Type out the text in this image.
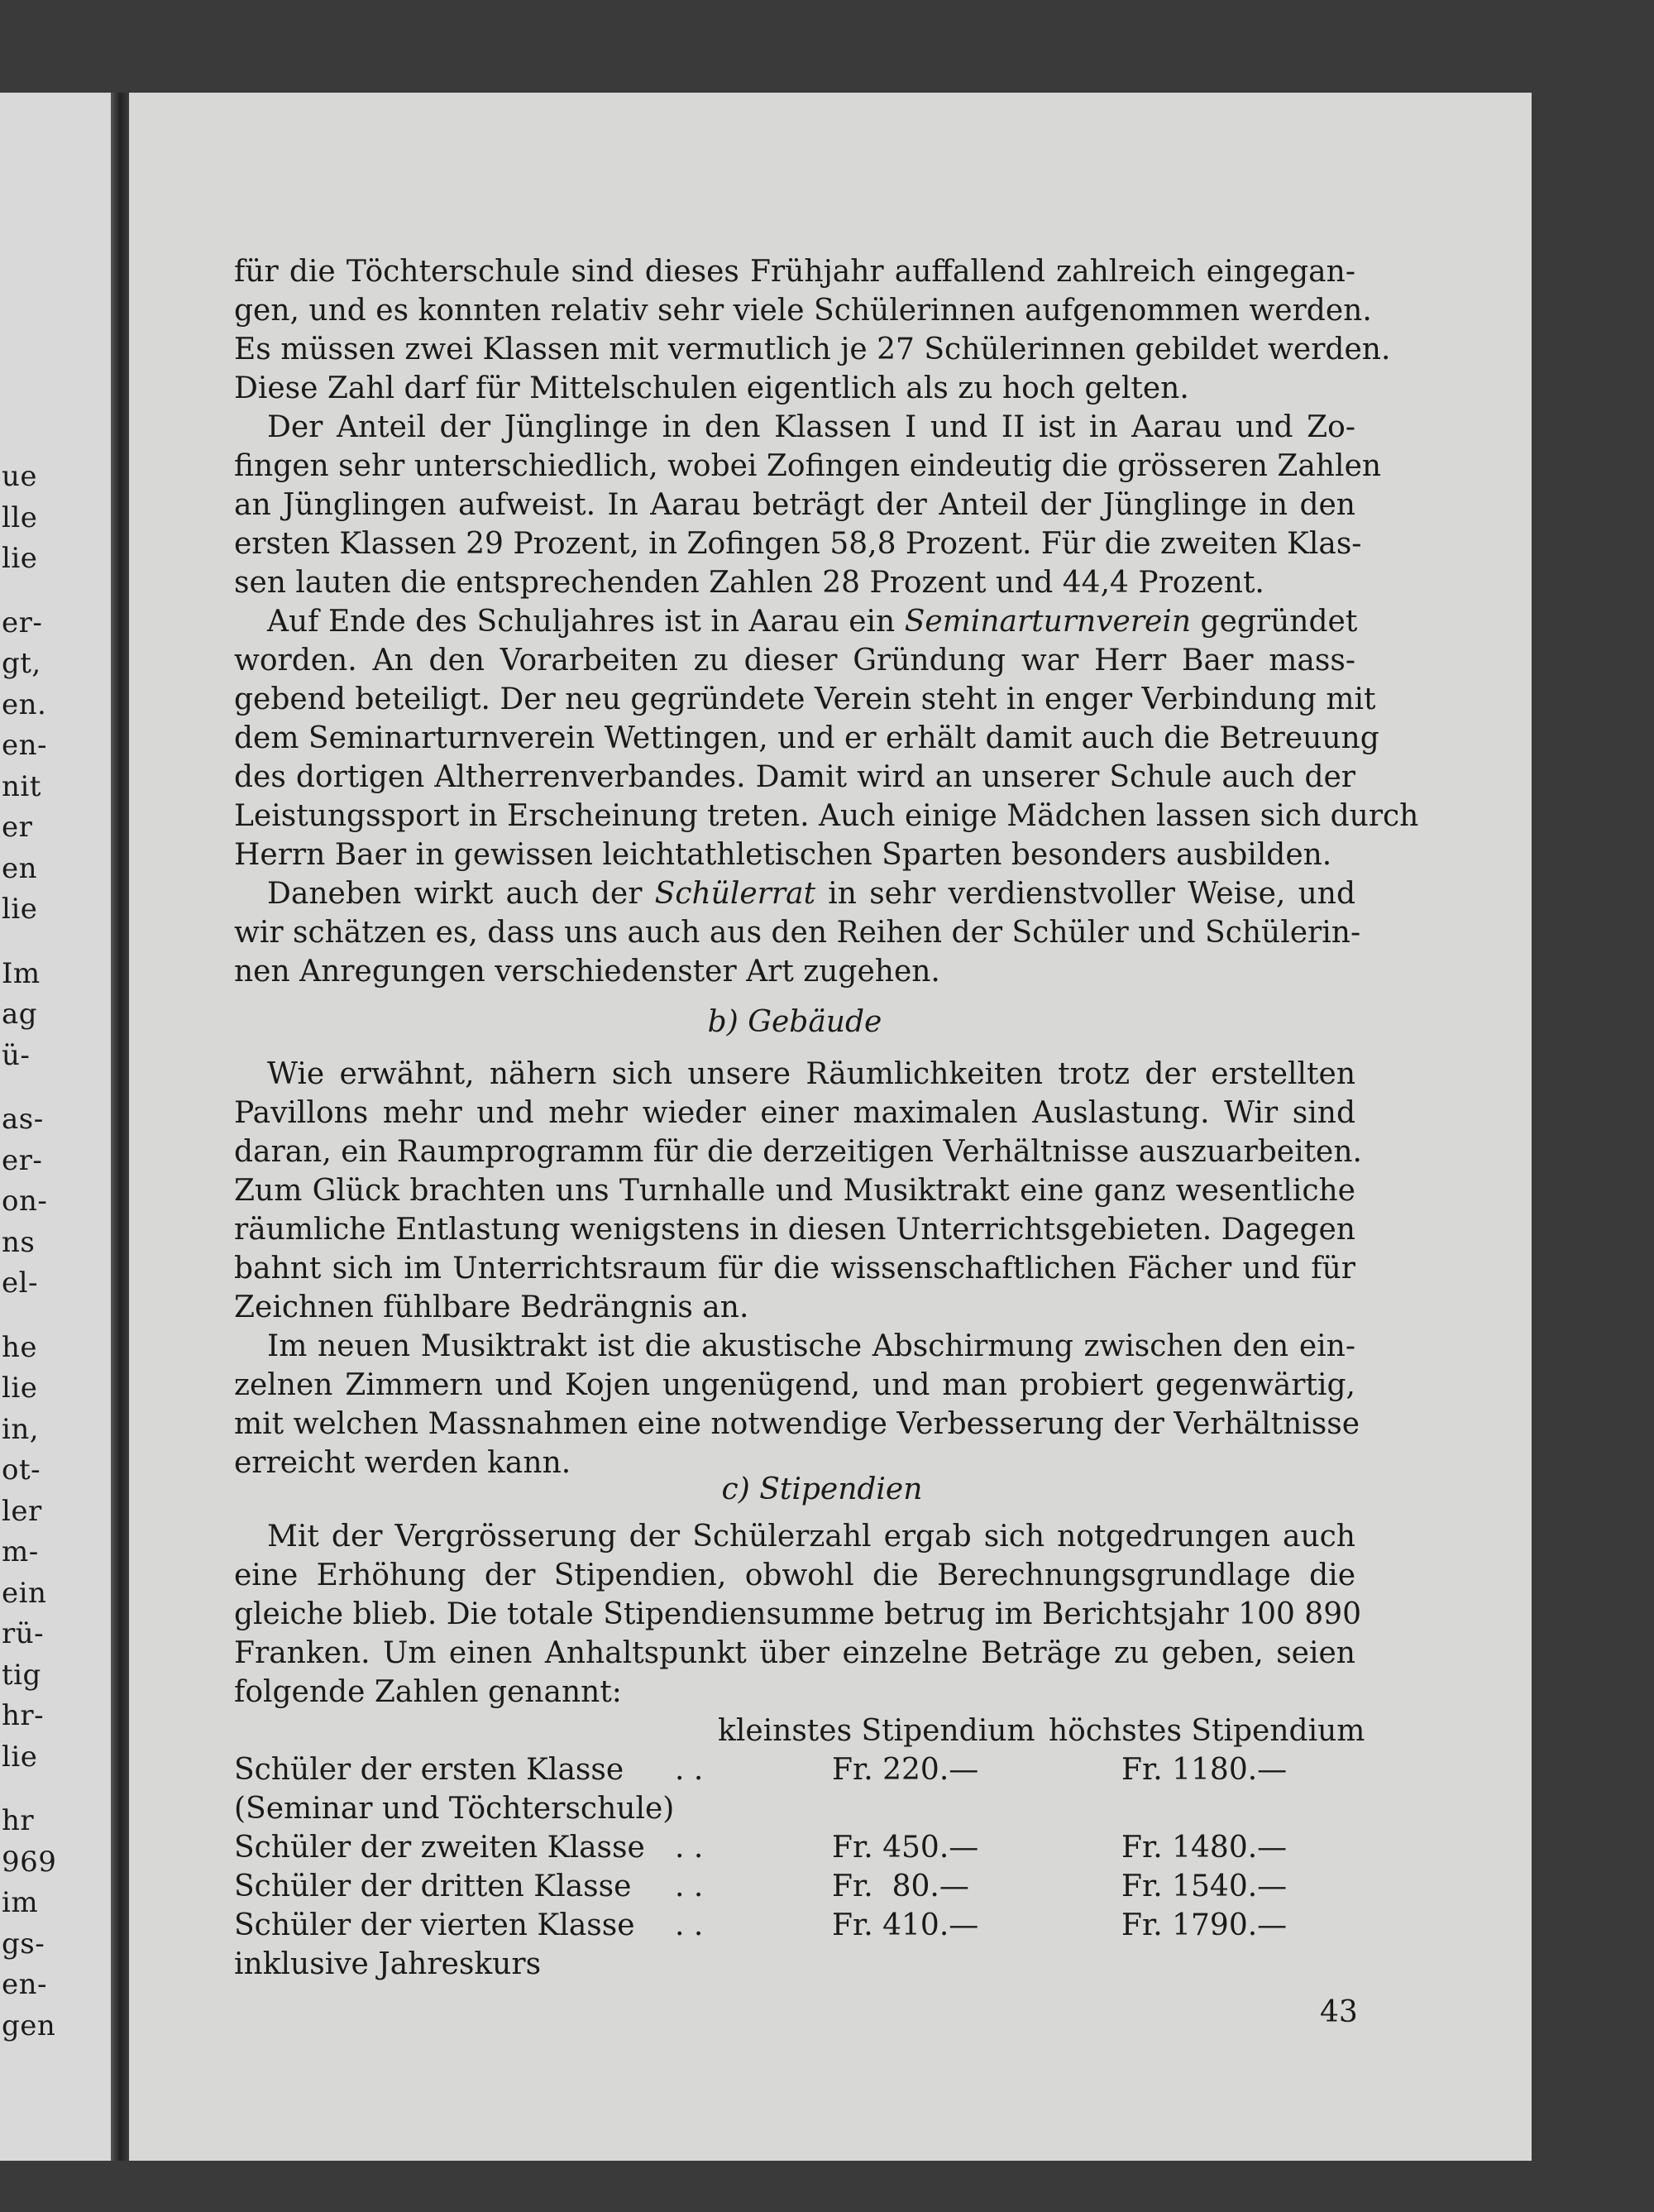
ue
lle
lie
er-
gt,
en.
en-
nit
er
en
lie
Im
ag
ü-
as-
er-
on-
ns
el-
he
lie
in,
ot-
ler
m-
ein
rü-
tig
hr-
lie
hr
969
im
gs-
en-
gen
für die Töchterschule sind dieses Frühjahr auffallend zahlreich eingegan-
gen, und es konnten relativ sehr viele Schülerinnen aufgenommen werden.
Es müssen zwei Klassen mit vermutlich je 27 Schülerinnen gebildet werden.
Diese Zahl darf für Mittelschulen eigentlich als zu hoch gelten.
Der Anteil der Jünglinge in den Klassen I und II ist in Aarau und Zo-
fingen sehr unterschiedlich, wobei Zofingen eindeutig die grösseren Zahlen
an Jünglingen aufweist. In Aarau beträgt der Anteil der Jünglinge in den
ersten Klassen 29 Prozent, in Zofingen 58,8 Prozent. Für die zweiten Klas-
sen lauten die entsprechenden Zahlen 28 Prozent und 44,4 Prozent.
Auf Ende des Schuljahres ist in Aarau ein Seminarturnverein gegründet
worden. An den Vorarbeiten zu dieser Gründung war Herr Baer mass-
gebend beteiligt. Der neu gegründete Verein steht in enger Verbindung mit
dem Seminarturnverein Wettingen, und er erhält damit auch die Betreuung
des dortigen Altherrenverbandes. Damit wird an unserer Schule auch der
Leistungssport in Erscheinung treten. Auch einige Mädchen lassen sich durch
Herrn Baer in gewissen leichtathletischen Sparten besonders ausbilden.
Daneben wirkt auch der Schülerrat in sehr verdienstvoller Weise, und
wir schätzen es, dass uns auch aus den Reihen der Schüler und Schülerin-
nen Anregungen verschiedenster Art zugehen.
b) Gebäude
Wie erwähnt, nähern sich unsere Räumlichkeiten trotz der erstellten
Pavillons mehr und mehr wieder einer maximalen Auslastung. Wir sind
daran, ein Raumprogramm für die derzeitigen Verhältnisse auszuarbeiten.
Zum Glück brachten uns Turnhalle und Musiktrakt eine ganz wesentliche
räumliche Entlastung wenigstens in diesen Unterrichtsgebieten. Dagegen
bahnt sich im Unterrichtsraum für die wissenschaftlichen Fächer und für
Zeichnen fühlbare Bedrängnis an.
Im neuen Musiktrakt ist die akustische Abschirmung zwischen den ein-
zelnen Zimmern und Kojen ungenügend, und man probiert gegenwärtig,
mit welchen Massnahmen eine notwendige Verbesserung der Verhältnisse
erreicht werden kann.
c) Stipendien
Mit der Vergrösserung der Schülerzahl ergab sich notgedrungen auch
eine Erhöhung der Stipendien, obwohl die Berechnungsgrundlage die
gleiche blieb. Die totale Stipendiensumme betrug im Berichtsjahr 100 890
Franken. Um einen Anhaltspunkt über einzelne Beträge zu geben, seien
folgende Zahlen genannt:
kleinstes Stipendium höchstes Stipendium
Schüler der ersten Klasse . .	Fr. 220.—	Fr. 1180.—
(Seminar und Töchterschule)
Schüler der zweiten Klasse . .	Fr. 450.—	Fr. 1480.—
Schüler der dritten Klasse . .	Fr.  80.—	Fr. 1540.—
Schüler der vierten Klasse . .	Fr. 410.—	Fr. 1790.—
inklusive Jahreskurs
43
